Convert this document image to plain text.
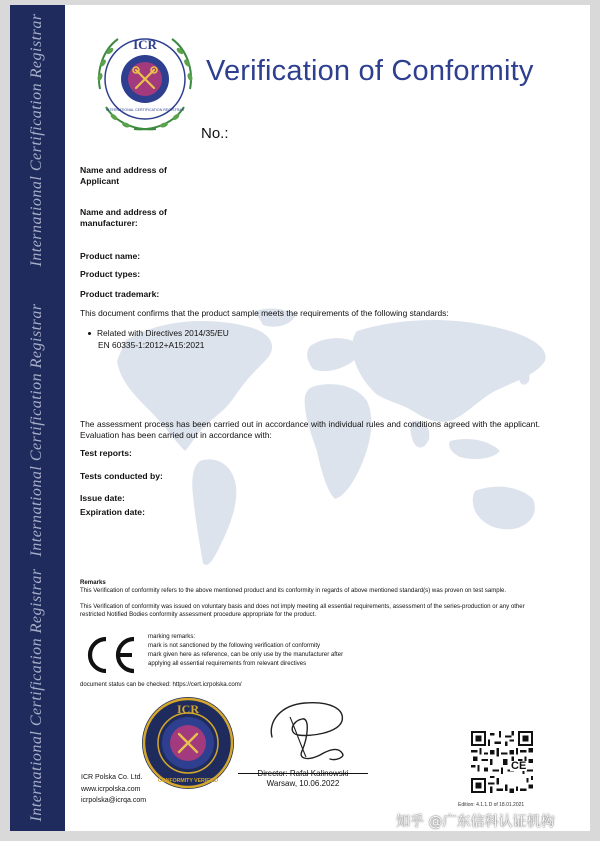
International Certification Registrar
International Certification Registrar
International Certification Registrar
ICR
INTERNATIONAL CERTIFICATION REGISTRAR
Verification of Conformity
No.:
Name and address of
Applicant
Name and address of
manufacturer:
Product name:
Product types:
Product trademark:
This document confirms that the product sample meets the requirements of the following standards:
Related with Directives 2014/35/EU
EN 60335-1:2012+A15:2021
The assessment process has been carried out in accordance with individual rules and conditions agreed with the applicant. Evaluation has been carried out in accordance with:
Test reports:
Tests conducted by:
Issue date:
Expiration date:
Remarks
This Verification of conformity refers to the above mentioned product and its conformity in regards of above mentioned standard(s) was proven on test sample.
This Verification of conformity was issued on voluntary basis and does not imply meeting all essential requirements, assessment of the series-production or any other restricted Notified Bodies conformity assessment procedure appropriate for the product.
marking remarks:
mark is not sanctioned by the following verification of conformity
mark given here as reference, can be only use by the manufacturer after
applying all essential requirements from relevant directives
document status can be checked: https://cert.icrpolska.com/
ICR
CONFORMITY VERIFIED
Director: Rafał Kalinowski
Warsaw, 10.06.2022
ICR Polska Co. Ltd.
www.icrpolska.com
icrpolska@icrqa.com
CE
Edition: 4.1.1.D of 18.01.2021
知乎 @广东信科认证机构
